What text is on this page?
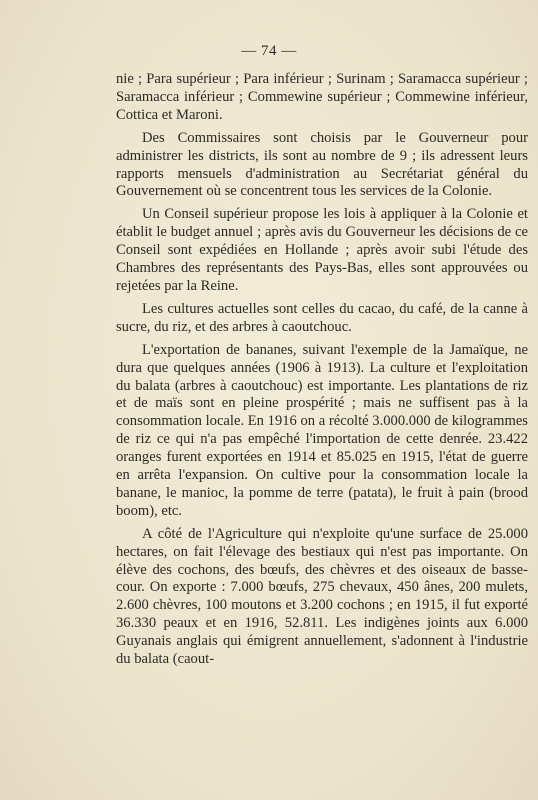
— 74 —

nie ; Para supérieur ; Para inférieur ; Surinam ; Saramacca supérieur ; Saramacca inférieur ; Commewine supérieur ; Commewine inférieur, Cottica et Maroni.

Des Commissaires sont choisis par le Gouverneur pour administrer les districts, ils sont au nombre de 9 ; ils adressent leurs rapports mensuels d'administration au Secrétariat général du Gouvernement où se concentrent tous les services de la Colonie.

Un Conseil supérieur propose les lois à appliquer à la Colonie et établit le budget annuel ; après avis du Gouverneur les décisions de ce Conseil sont expédiées en Hollande ; après avoir subi l'étude des Chambres des représentants des Pays-Bas, elles sont approuvées ou rejetées par la Reine.

Les cultures actuelles sont celles du cacao, du café, de la canne à sucre, du riz, et des arbres à caoutchouc.

L'exportation de bananes, suivant l'exemple de la Jamaïque, ne dura que quelques années (1906 à 1913). La culture et l'exploitation du balata (arbres à caoutchouc) est importante. Les plantations de riz et de maïs sont en pleine prospérité ; mais ne suffisent pas à la consommation locale. En 1916 on a récolté 3.000.000 de kilogrammes de riz ce qui n'a pas empêché l'importation de cette denrée. 23.422 oranges furent exportées en 1914 et 85.025 en 1915, l'état de guerre en arrêta l'expansion. On cultive pour la consommation locale la banane, le manioc, la pomme de terre (patata), le fruit à pain (brood boom), etc.

A côté de l'Agriculture qui n'exploite qu'une surface de 25.000 hectares, on fait l'élevage des bestiaux qui n'est pas importante. On élève des cochons, des bœufs, des chèvres et des oiseaux de basse-cour. On exporte : 7.000 bœufs, 275 chevaux, 450 ânes, 200 mulets, 2.600 chèvres, 100 moutons et 3.200 cochons ; en 1915, il fut exporté 36.330 peaux et en 1916, 52.811. Les indigènes joints aux 6.000 Guyanais anglais qui émigrent annuellement, s'adonnent à l'industrie du balata (caout-
